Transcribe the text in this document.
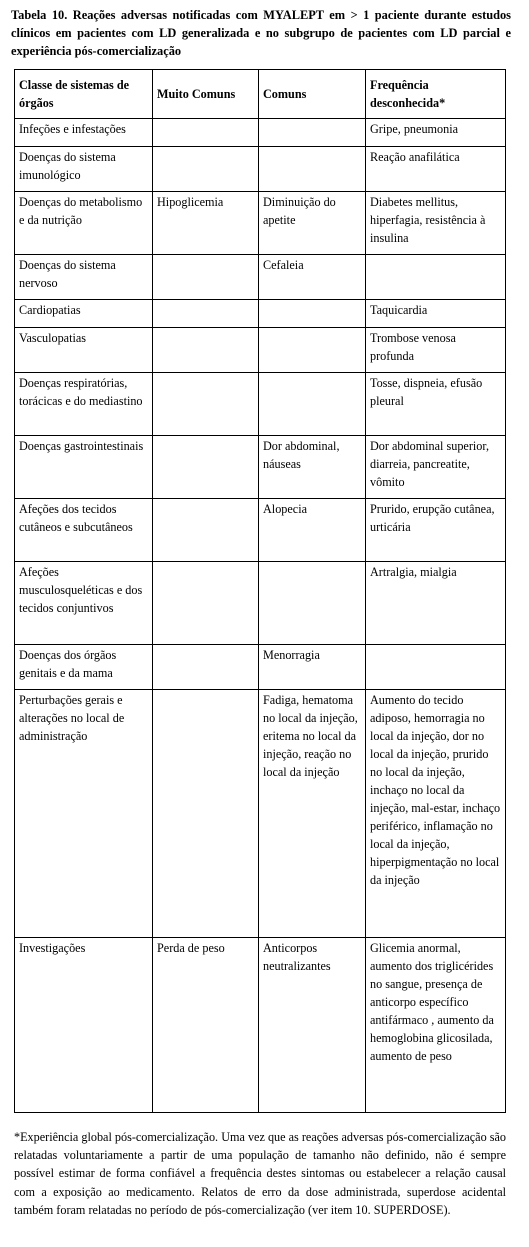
Tabela 10. Reações adversas notificadas com MYALEPT em > 1 paciente durante estudos clínicos em pacientes com LD generalizada e no subgrupo de pacientes com LD parcial e experiência pós-comercialização
Classe de sistemas de órgãos	Muito Comuns	Comuns	Frequência desconhecida*
Infeções e infestações			Gripe, pneumonia
Doenças do sistema imunológico			Reação anafilática
Doenças do metabolismo e da nutrição	Hipoglicemia	Diminuição do apetite	Diabetes mellitus, hiperfagia, resistência à insulina
Doenças do sistema nervoso		Cefaleia	
Cardiopatias			Taquicardia
Vasculopatias			Trombose venosa profunda
Doenças respiratórias, torácicas e do mediastino			Tosse, dispneia, efusão pleural
Doenças gastrointestinais		Dor abdominal, náuseas	Dor abdominal superior, diarreia, pancreatite, vômito
Afeções dos tecidos cutâneos e subcutâneos		Alopecia	Prurido, erupção cutânea, urticária
Afeções musculosqueléticas e dos tecidos conjuntivos			Artralgia, mialgia
Doenças dos órgãos genitais e da mama		Menorragia	
Perturbações gerais e alterações no local de administração		Fadiga, hematoma no local da injeção, eritema no local da injeção, reação no local da injeção	Aumento do tecido adiposo, hemorragia no local da injeção, dor no local da injeção, prurido no local da injeção, inchaço no local da injeção, mal-estar, inchaço periférico, inflamação no local da injeção, hiperpigmentação no local da injeção
Investigações	Perda de peso	Anticorpos neutralizantes	Glicemia anormal, aumento dos triglicérides no sangue, presença de anticorpo específico antifármaco , aumento da hemoglobina glicosilada, aumento de peso
*Experiência global pós-comercialização. Uma vez que as reações adversas pós-comercialização são relatadas voluntariamente a partir de uma população de tamanho não definido, não é sempre possível estimar de forma confiável a frequência destes sintomas ou estabelecer a relação causal com a exposição ao medicamento. Relatos de erro da dose administrada, superdose acidental também foram relatadas no período de pós-comercialização (ver item 10. SUPERDOSE).
